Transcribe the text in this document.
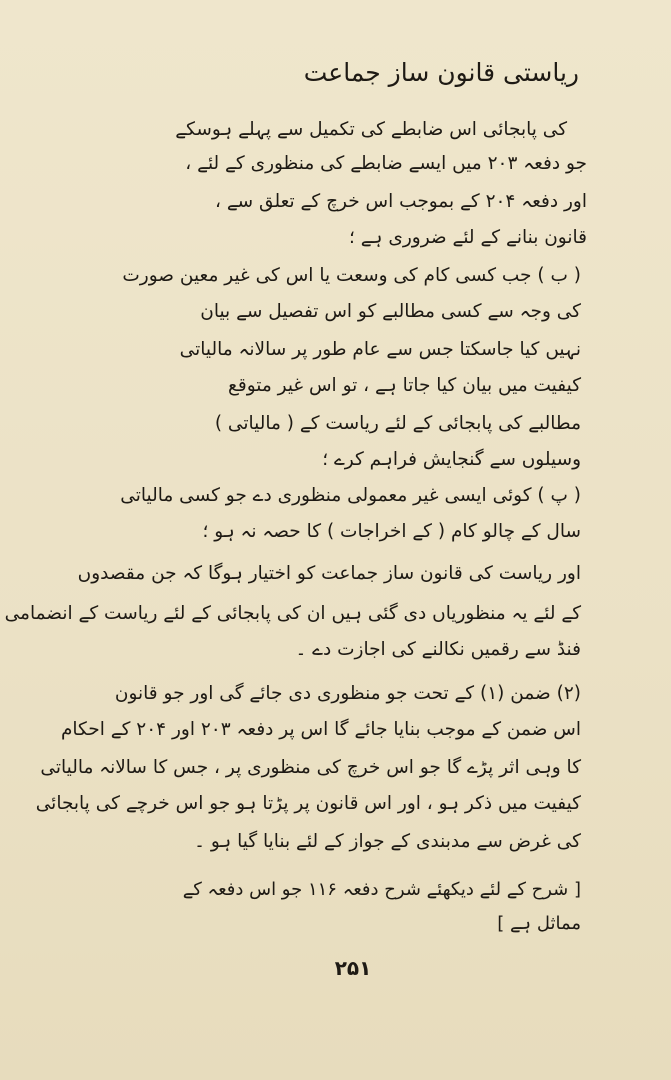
ریاستی قانون ساز جماعت
کی پابجائی اس ضابطے کی تکمیل سے پہلے ہوسکے
جو دفعہ ۲۰۳ میں ایسے ضابطے کی منظوری کے لئے ،
اور دفعہ ۲۰۴ کے بموجب اس خرچ کے تعلق سے ،
قانون بنانے کے لئے ضروری ہے ؛
( ب ) جب کسی کام کی وسعت یا اس کی غیر معین صورت
کی وجہ سے کسی مطالبے کو اس تفصیل سے بیان
نہیں کیا جاسکتا جس سے عام طور پر سالانہ مالیاتی
کیفیت میں بیان کیا جاتا ہے ، تو اس غیر متوقع
مطالبے کی پابجائی کے لئے ریاست کے ( مالیاتی )
وسیلوں سے گنجایش فراہم کرے ؛
( پ ) کوئی ایسی غیر معمولی منظوری دے جو کسی مالیاتی
سال کے چالو کام ( کے اخراجات ) کا حصہ نہ ہو ؛
اور ریاست کی قانون ساز جماعت کو اختیار ہوگا کہ جن مقصدوں
کے لئے یہ منظوریاں دی گئی ہیں ان کی پابجائی کے لئے ریاست کے انضمامی
فنڈ سے رقمیں نکالنے کی اجازت دے ۔
(۲) ضمن (۱) کے تحت جو منظوری دی جائے گی اور جو قانون
اس ضمن کے موجب بنایا جائے گا اس پر دفعہ ۲۰۳ اور ۲۰۴ کے احکام
کا وہی اثر پڑے گا جو اس خرچ کی منظوری پر ، جس کا سالانہ مالیاتی
کیفیت میں ذکر ہو ، اور اس قانون پر پڑتا ہو جو اس خرچے کی پابجائی
کی غرض سے مدبندی کے جواز کے لئے بنایا گیا ہو ۔
[ شرح کے لئے دیکھئے شرح دفعہ ۱۱۶ جو اس دفعہ کے
مماثل ہے ]
۲۵۱
